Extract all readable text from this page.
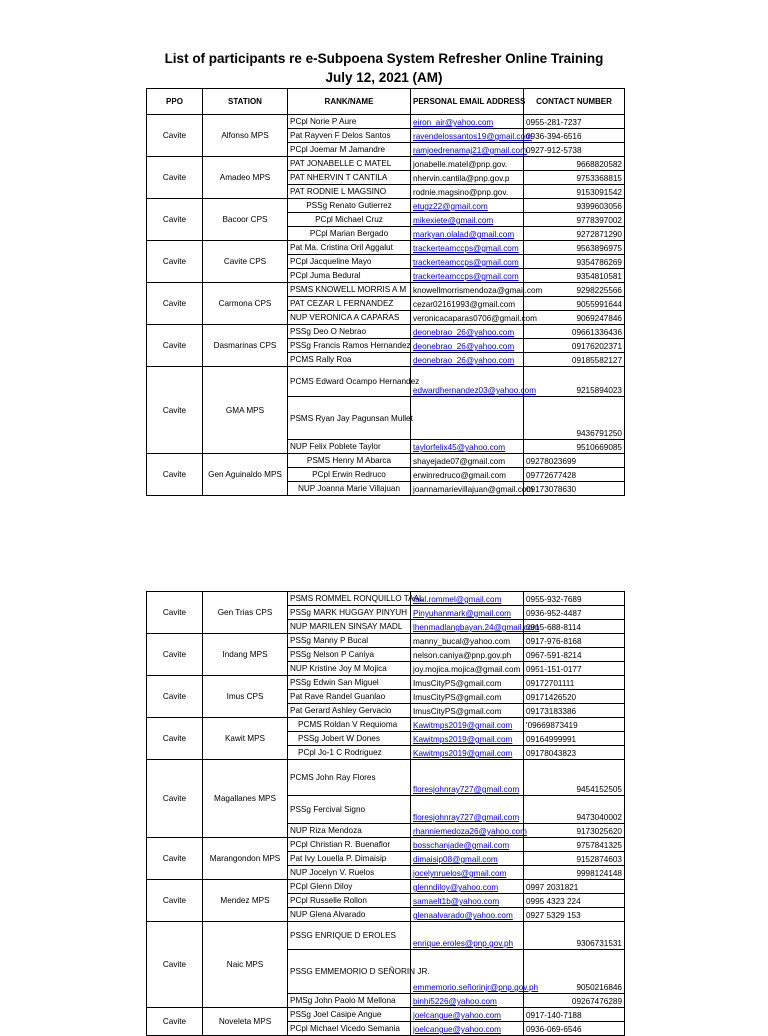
List of participants re e-Subpoena System Refresher Online Training
July 12, 2021 (AM)
PPO	STATION	RANK/NAME	PERSONAL EMAIL ADDRESS	CONTACT NUMBER
Cavite	Alfonso MPS	PCpl Norie P Aure	eiron_air@yahoo.com	0955-281-7237
		Pat Rayven F Delos Santos	ravendelossantos19@gmail.com	0936-394-6516
		PCpl Joemar M Jamandre	ramjoedrenamaj21@gmail.com	0927-912-5738
Cavite	Amadeo MPS	PAT JONABELLE C MATEL	jonabelle.matel@pnp.gov.	9668820582
		PAT NHERVIN T CANTILA	nhervin.cantila@pnp.gov.p	9753368815
		PAT RODNIE L MAGSINO	rodnie.magsino@pnp.gov.	9153091542
Cavite	Bacoor CPS	PSSg Renato Gutierrez	etugz22@gmail.com	9399603056
		PCpl Michael Cruz	mikexiete@gmail.com	9778397002
		PCpl Marian Bergado	markyan.olalad@gmail.com	9272871290
Cavite	Cavite CPS	Pat Ma. Cristina Oril Aggalut	trackerteamccps@gmail.com	9563896975
		PCpl Jacqueline Mayo	trackerteamccps@gmail.com	9354786269
		PCpl Juma Bedural	trackerteamccps@gmail.com	9354810581
Cavite	Carmona CPS	PSMS KNOWELL MORRIS A M	knowellmorrismendoza@gmail.com	9298225566
		PAT CEZAR L FERNANDEZ	cezar02161993@gmail.com	9055991644
		NUP VERONICA A CAPARAS	veronicacaparas0706@gmail.com	9069247846
Cavite	Dasmarinas CPS	PSSg Deo O Nebrao	deonebrao_26@yahoo.com	09661336436
		PSSg Francis Ramos Hernandez	deonebrao_26@yahoo.com	09176202371
		PCMS Rally Roa	deonebrao_26@yahoo.com	09185582127
Cavite	GMA MPS	PCMS Edward Ocampo Hernandez	edwardhernandez03@yahoo.com	9215894023
		PSMS Ryan Jay Pagunsan Mullet		9436791250
		NUP Felix Poblete Taylor	taylorfelix45@yahoo.com	9510669085
Cavite	Gen Aguinaldo MPS	PSMS Henry M Abarca	shayejade07@gmail.com	09278023699
		PCpl Erwin Redruco	erwinredruco@gmail.com	09772677428
		NUP Joanna Marie Villajuan	joannamarievillajuan@gmail.com	09173078630
Cavite	Gen Trias CPS	PSMS ROMMEL RONQUILLO TAAL	taal.rommel@gmail.com	0955-932-7689
		PSSg MARK HUGGAY PINYUH	Pinyuhanmark@gmail.com	0936-952-4487
		NUP MARILEN SINSAY MADL	lhenmadlangbayan.24@gmail.com	0915-688-8114
Cavite	Indang MPS	PSSg Manny P Bucal	manny_bucal@yahoo.com	0917-976-8168
		PSSg Nelson P Caniya	nelson.caniya@pnp.gov.ph	0967-591-8214
		NUP Kristine Joy M Mojica	joy.mojica.mojica@gmail.com	0951-151-0177
Cavite	Imus CPS	PSSg Edwin San Miguel	ImusCityPS@gmail.com	09172701111
		Pat Rave Randel Guanlao	ImusCityPS@gmail.com	09171426520
		Pat Gerard Ashley Gervacio	ImusCityPS@gmail.com	09173183386
Cavite	Kawit MPS	PCMS Roldan V Requioma	Kawitmps2019@gmail.com	'09669873419
		PSSg Jobert W Dones	Kawitmps2019@gmail.com	09164999991
		PCpl Jo-1 C Rodriguez	Kawitmps2019@gmail.com	09178043823
Cavite	Magallanes MPS	PCMS John Ray Flores	floresjohnray727@gmail.com	9454152505
		PSSg Fercival Signo	floresjohnray727@gmail.com	9473040002
		NUP Riza Mendoza	rhanniemedoza26@yahoo.com	9173025620
Cavite	Marangondon MPS	PCpl Christian R. Buenaflor	bosschanjade@gmail.com	9757841325
		Pat Ivy Louella P. Dimaisip	dimaisip08@gmail.com	9152874603
		NUP Jocelyn V. Ruelos	jocelynruelos@gmail.com	9998124148
Cavite	Mendez MPS	PCpl Glenn Diloy	glenndiloy@yahoo.com	0997 2031821
		PCpl Russelle Rollon	samaelt1b@yahoo.com	0995 4323 224
		NUP Glena Alvarado	glenaalvarado@yahoo.com	0927 5329 153
Cavite	Naic MPS	PSSG ENRIQUE D EROLES	enrique.eroles@pnp.gov.ph	9306731531
		PSSG EMMEMORIO D SEÑORIN JR.	emmemorio.señorinjr@pnp.gov.ph	9050216846
		PMSg John Paolo M Mellona	binhi5226@yahoo.com	09267476289
Cavite	Noveleta MPS	PSSg Joel Casipe Angue	joelcangue@yahoo.com	0917-140-7188
		PCpl Michael Vicedo Semania	joelcangue@yahoo.com	0936-069-6546
